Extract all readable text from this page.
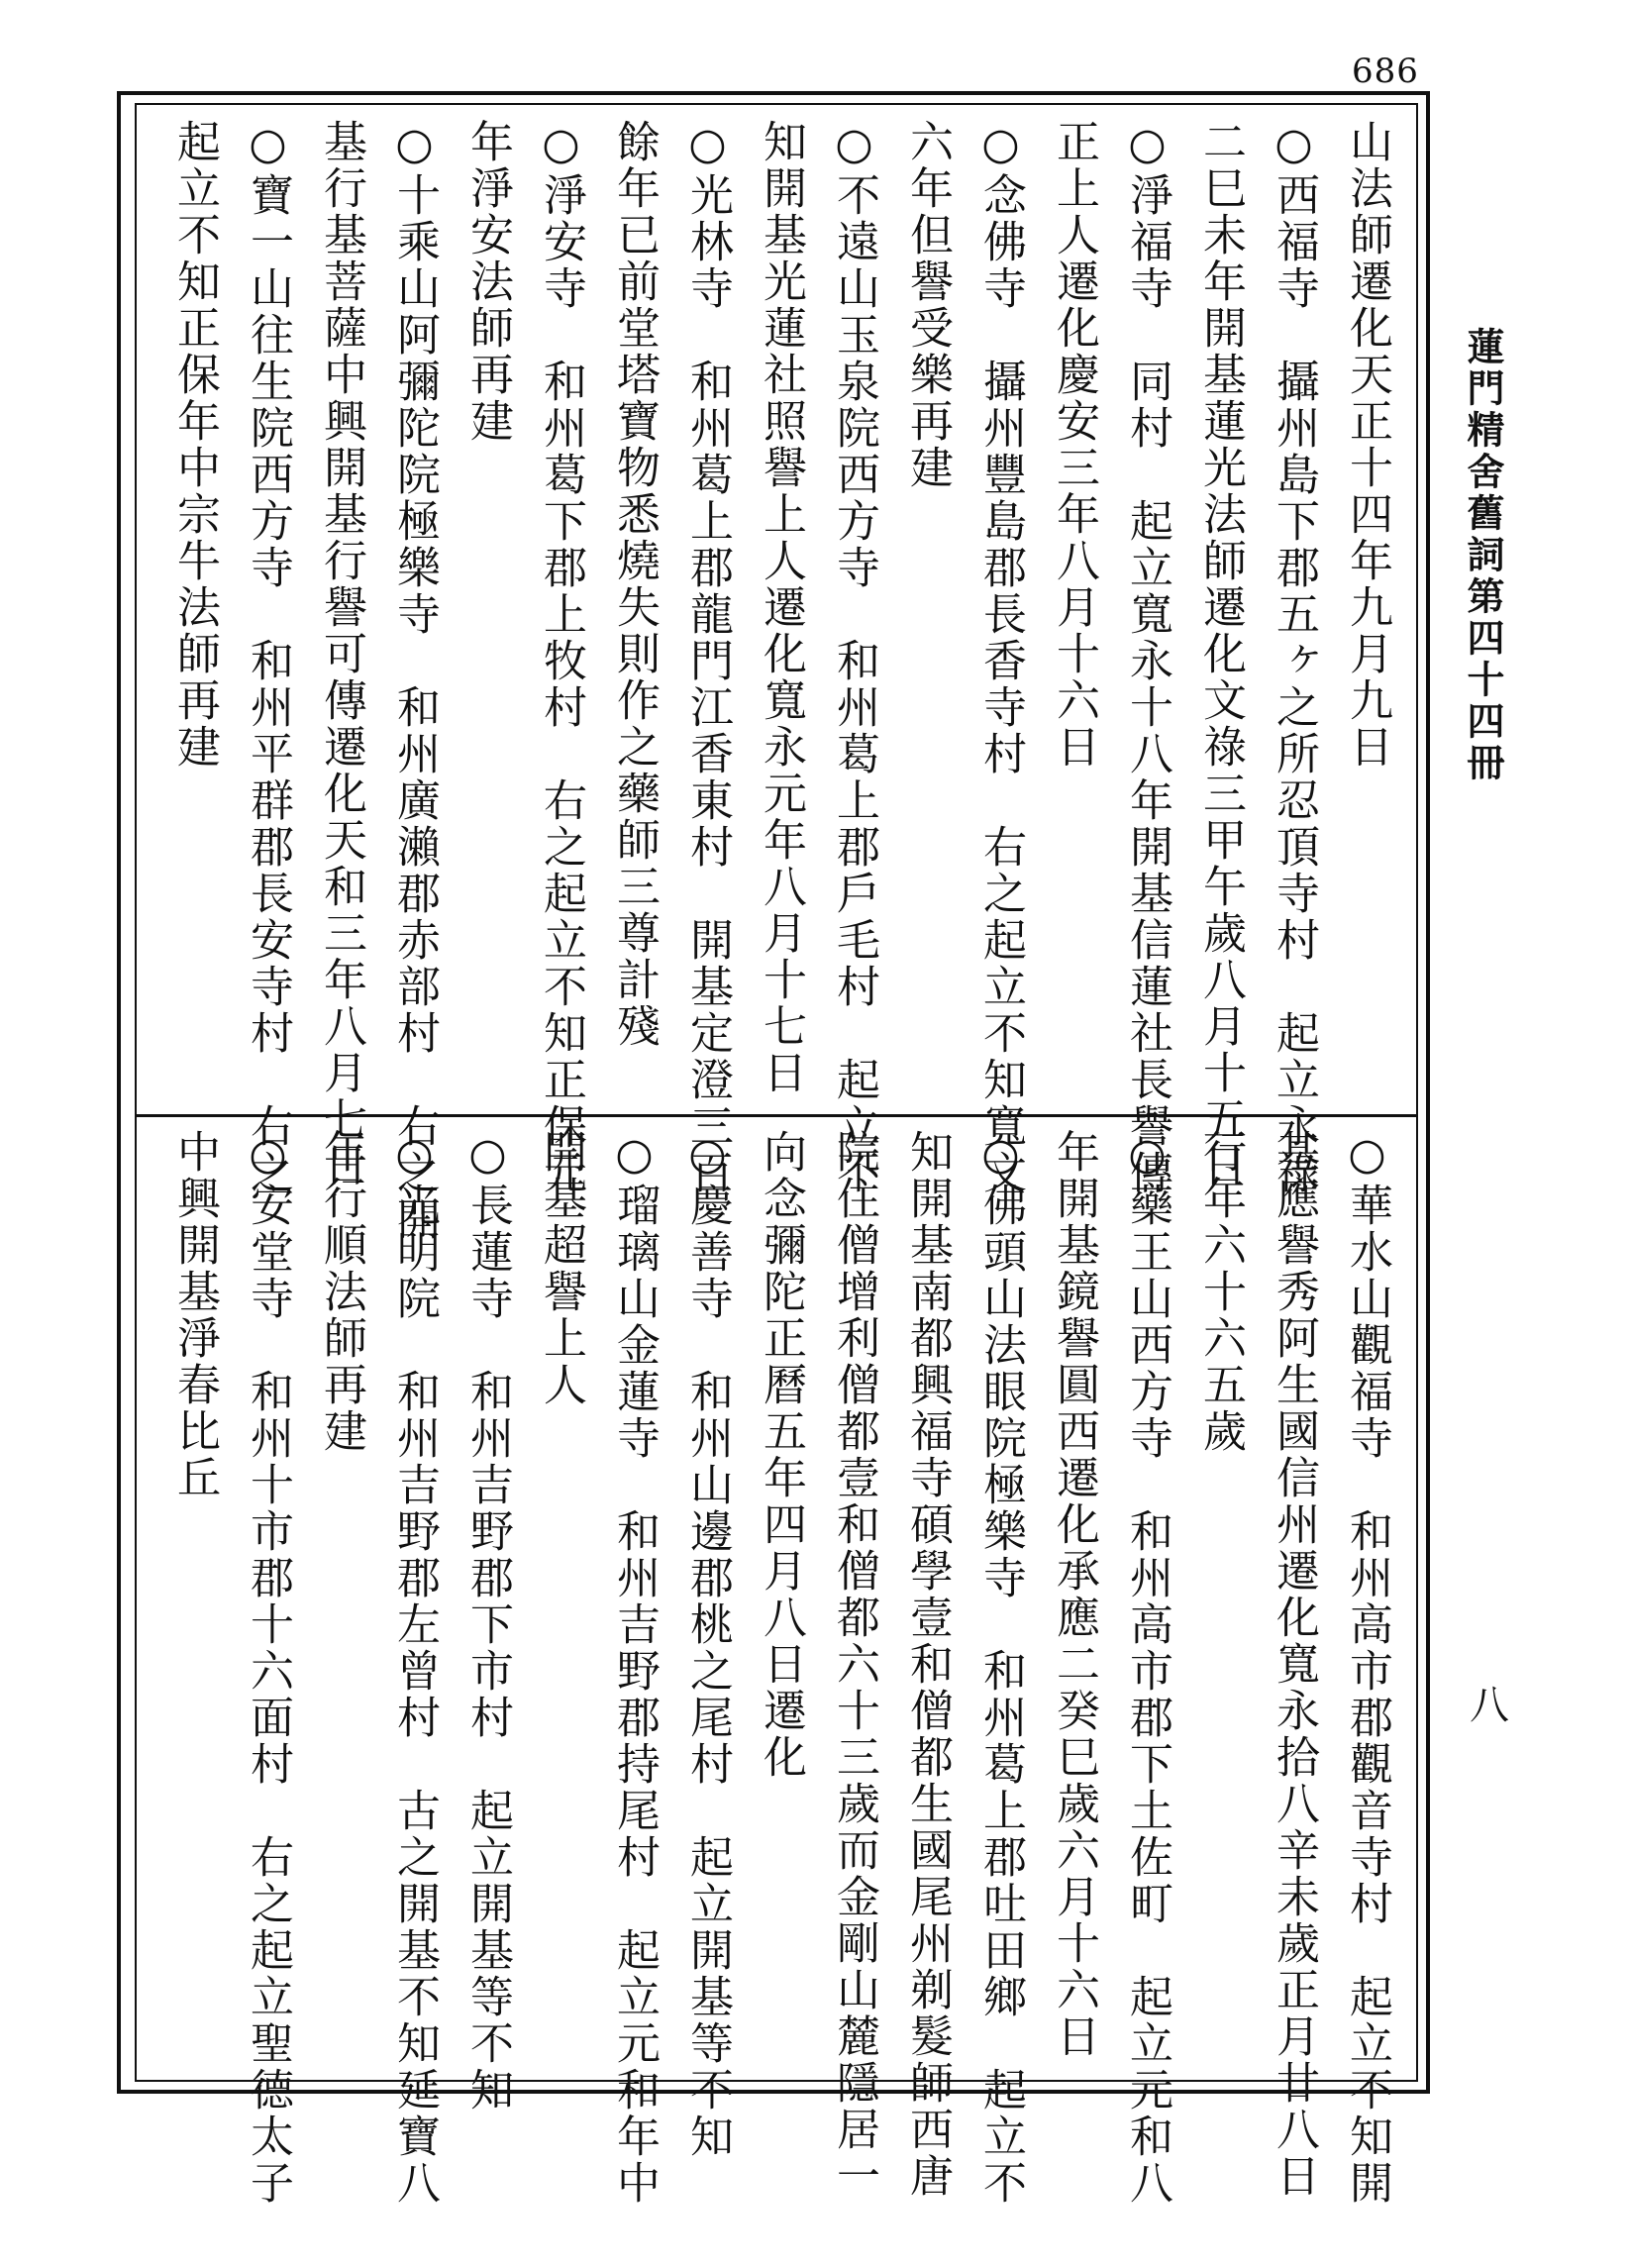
686
蓮門精舍舊詞第四十四冊
八
山法師遷化天正十四年九月九日
○西福寺　攝州島下郡五ヶ之所忍頂寺村　起立永祿
二巳未年開基蓮光法師遷化文祿三甲午歲八月十五日
○淨福寺　同村　起立寬永十八年開基信蓮社長譽傳
正上人遷化慶安三年八月十六日
○念佛寺　攝州豐島郡長香寺村　右之起立不知寬文
六年但譽受樂再建
○不遠山玉泉院西方寺　和州葛上郡戶毛村　起立不
知開基光蓮社照譽上人遷化寬永元年八月十七日
○光林寺　和州葛上郡龍門江香東村　開基定澄三百
餘年已前堂塔寶物悉燒失則作之藥師三尊計殘
○淨安寺　和州葛下郡上牧村　右之起立不知正保元
年淨安法師再建
○十乘山阿彌陀院極樂寺　和州廣瀨郡赤部村　右之開
基行基菩薩中興開基行譽可傳遷化天和三年八月七日
○寶一山往生院西方寺　和州平群郡長安寺村　右之
起立不知正保年中宗牛法師再建
○華水山觀福寺　和州高市郡觀音寺村　起立不知開
基應譽秀阿生國信州遷化寬永拾八辛未歲正月廿八日
行年六十六五歲
○藥王山西方寺　和州高市郡下土佐町　起立元和八
年開基鏡譽圓西遷化承應二癸巳歲六月十六日
○佛頭山法眼院極樂寺　和州葛上郡吐田鄉　起立不
知開基南都興福寺碩學壹和僧都生國尾州剃髮師西唐
院住僧增利僧都壹和僧都六十三歲而金剛山麓隱居一
向念彌陀正曆五年四月八日遷化
○慶善寺　和州山邊郡桃之尾村　起立開基等不知
○瑠璃山金蓮寺　和州吉野郡持尾村　起立元和年中
開基超譽上人
○長蓮寺　和州吉野郡下市村　起立開基等不知
○光明院　和州吉野郡左曾村　古之開基不知延寶八
年行順法師再建
○安堂寺　和州十市郡十六面村　右之起立聖德太子
中興開基淨春比丘
